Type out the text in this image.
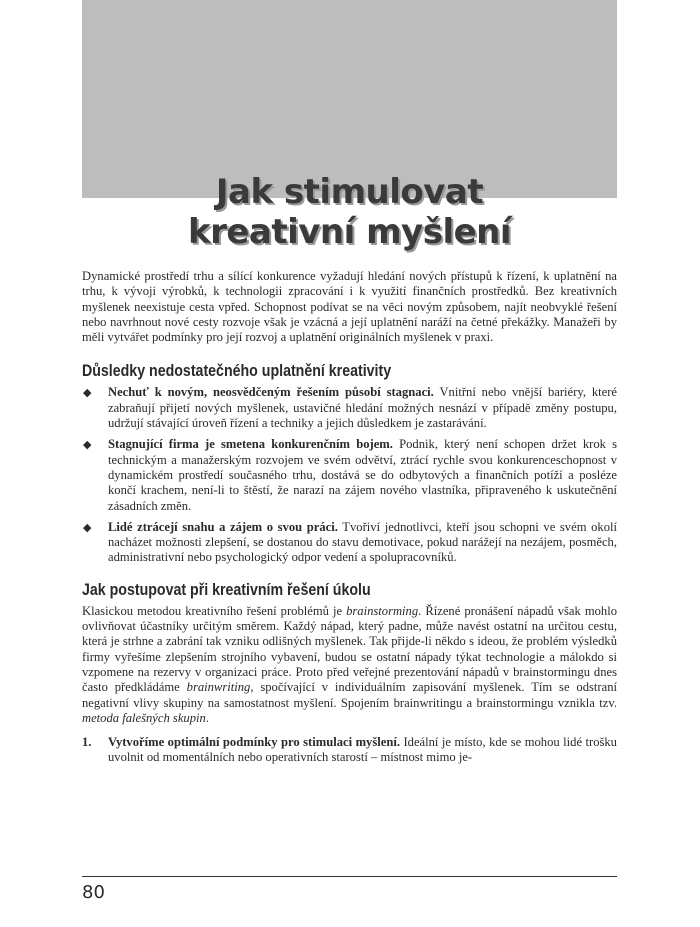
Jak stimulovat
kreativní myšlení

Dynamické prostředí trhu a sílící konkurence vyžadují hledání nových přístupů k řízení, k uplatnění na trhu, k vývoji výrobků, k technologii zpracování i k využití finančních prostředků. Bez kreativních myšlenek neexistuje cesta vpřed. Schopnost podívat se na věci novým způsobem, najít neobvyklé řešení nebo navrhnout nové cesty rozvoje však je vzácná a její uplatnění naráží na četné překážky. Manažeři by měli vytvářet podmínky pro její rozvoj a uplatnění originálních myšlenek v praxi.

Důsledky nedostatečného uplatnění kreativity
◆ Nechuť k novým, neosvědčeným řešením působí stagnaci. Vnitřní nebo vnější bariéry, které zabraňují přijetí nových myšlenek, ustavičné hledání možných nesnází v případě změny postupu, udržují stávající úroveň řízení a techniky a jejich důsledkem je zastarávání.
◆ Stagnující firma je smetena konkurenčním bojem. Podnik, který není schopen držet krok s technickým a manažerským rozvojem ve svém odvětví, ztrácí rychle svou konkurenceschopnost v dynamickém prostředí současného trhu, dostává se do odbytových a finančních potíží a posléze končí krachem, není-li to štěstí, že narazí na zájem nového vlastníka, připraveného k uskutečnění zásadních změn.
◆ Lidé ztrácejí snahu a zájem o svou práci. Tvořiví jednotlivci, kteří jsou schopni ve svém okolí nacházet možnosti zlepšení, se dostanou do stavu demotivace, pokud narážejí na nezájem, posměch, administrativní nebo psychologický odpor vedení a spolupracovníků.
Jak postupovat při kreativním řešení úkolu

Klasickou metodou kreativního řešení problémů je brainstorming. Řízené pronášení nápadů však mohlo ovlivňovat účastníky určitým směrem. Každý nápad, který padne, může navést ostatní na určitou cestu, která je strhne a zabrání tak vzniku odlišných myšlenek. Tak přijde-li někdo s ideou, že problém výsledků firmy vyřešíme zlepšením strojního vybavení, budou se ostatní nápady týkat technologie a málokdo si vzpomene na rezervy v organizaci práce. Proto před veřejné prezentování nápadů v brainstormingu dnes často předkládáme brainwriting, spočívající v individuálním zapisování myšlenek. Tím se odstraní negativní vlivy skupiny na samostatnost myšlení. Spojením brainwritingu a brainstormingu vznikla tzv. metoda falešných skupin.

1. Vytvoříme optimální podmínky pro stimulaci myšlení. Ideální je místo, kde se mohou lidé trošku uvolnit od momentálních nebo operativních starostí – místnost mimo je-
80
